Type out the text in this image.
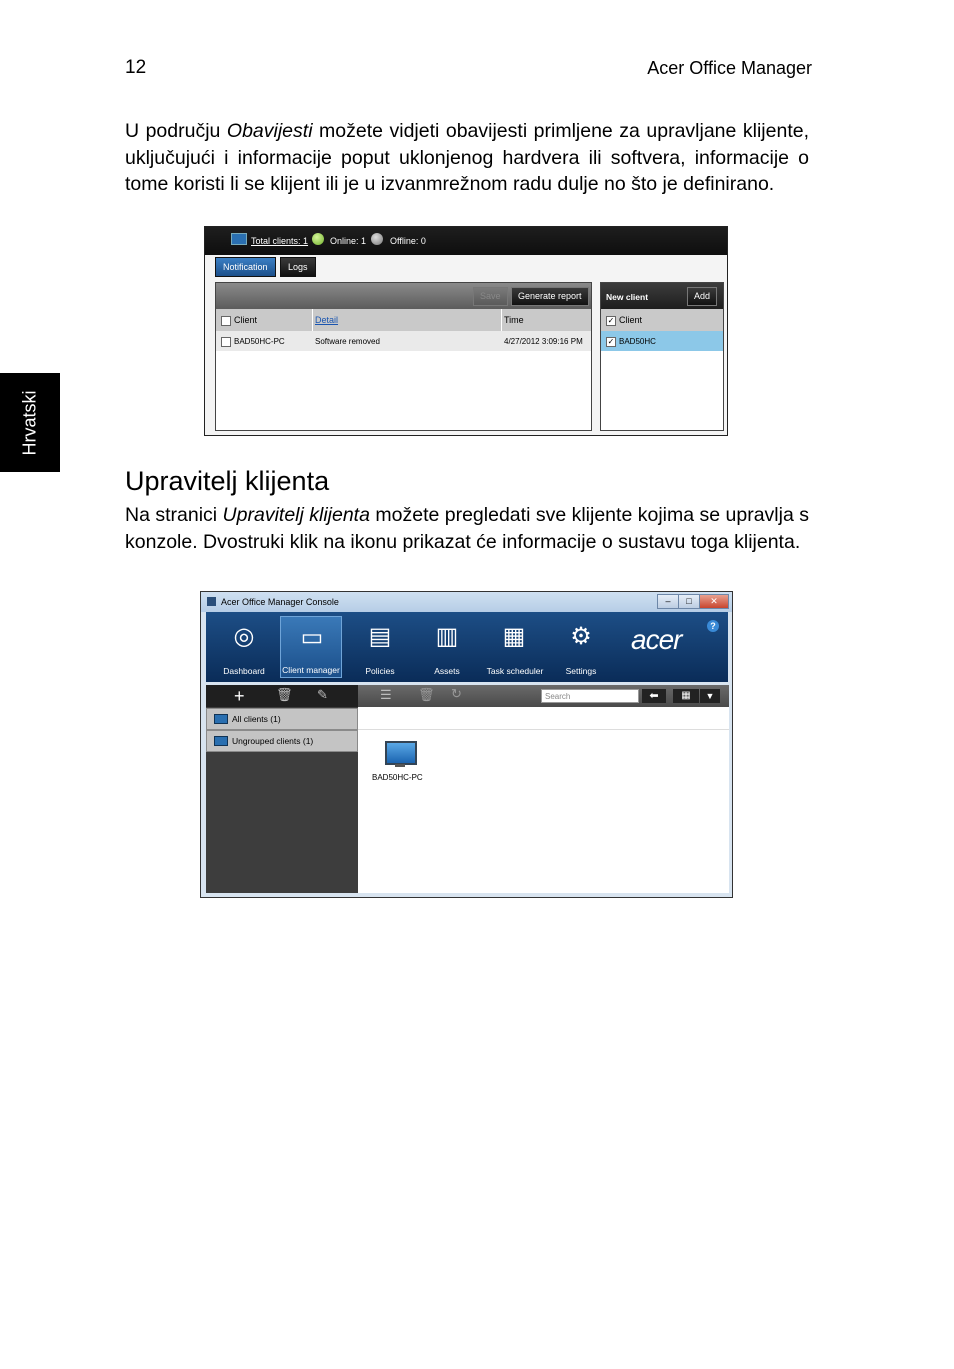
12	Acer Office Manager
Hrvatski

U području Obavijesti možete vidjeti obavijesti primljene za upravljane klijente, uključujući i informacije poput uklonjenog hardvera ili softvera, informacije o tome koristi li se klijent ili je u izvanmrežnom radu dulje no što je definirano.

Total clients: 1 Online: 1	Offline: 0
Notification	Logs
Save	Generate report
Client	Detail	Time
BAD50HC-PC	Software removed	4/27/2012 3:09:16 PM
New client	Add
✓ Client
✓ BAD50HC
Upravitelj klijenta

Na stranici Upravitelj klijenta možete pregledati sve klijente kojima se upravlja s konzole. Dvostruki klik na ikonu prikazat će informacije o sustavu toga klijenta.

Acer Office Manager Console	–	□	✕
◎
Dashboard
▭
Client manager
▤
Policies
▥
Assets
▦
Task scheduler
⚙
Settings
acer	?
+ 🗑 ✎
All clients (1)
Ungrouped clients (1)
☰ 🗑 ↻	Search	⬅	▦	▼
BAD50HC-PC
